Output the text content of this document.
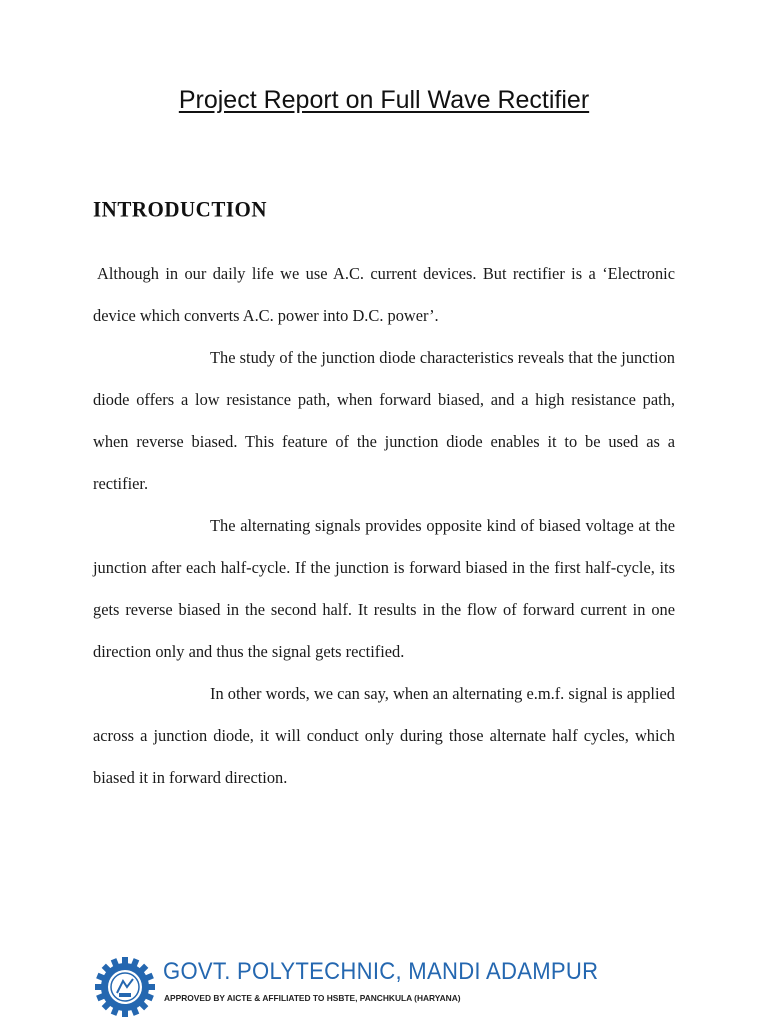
Project Report on Full Wave Rectifier
INTRODUCTION

Although in our daily life we use A.C. current devices. But rectifier is a ‘Electronic device which converts A.C. power into D.C. power’.

The study of the junction diode characteristics reveals that the junction diode offers a low resistance path, when forward biased, and a high resistance path, when reverse biased. This feature of the junction diode enables it to be used as a rectifier.

The alternating signals provides opposite kind of biased voltage at the junction after each half-cycle. If the junction is forward biased in the first half-cycle, its gets reverse biased in the second half. It results in the flow of forward current in one direction only and thus the signal gets rectified.

In other words, we can say, when an alternating e.m.f. signal is applied across a junction diode, it will conduct only during those alternate half cycles, which biased it in forward direction.

GOVT. POLYTECHNIC, MANDI ADAMPUR
APPROVED BY AICTE & AFFILIATED TO HSBTE, PANCHKULA (HARYANA)
